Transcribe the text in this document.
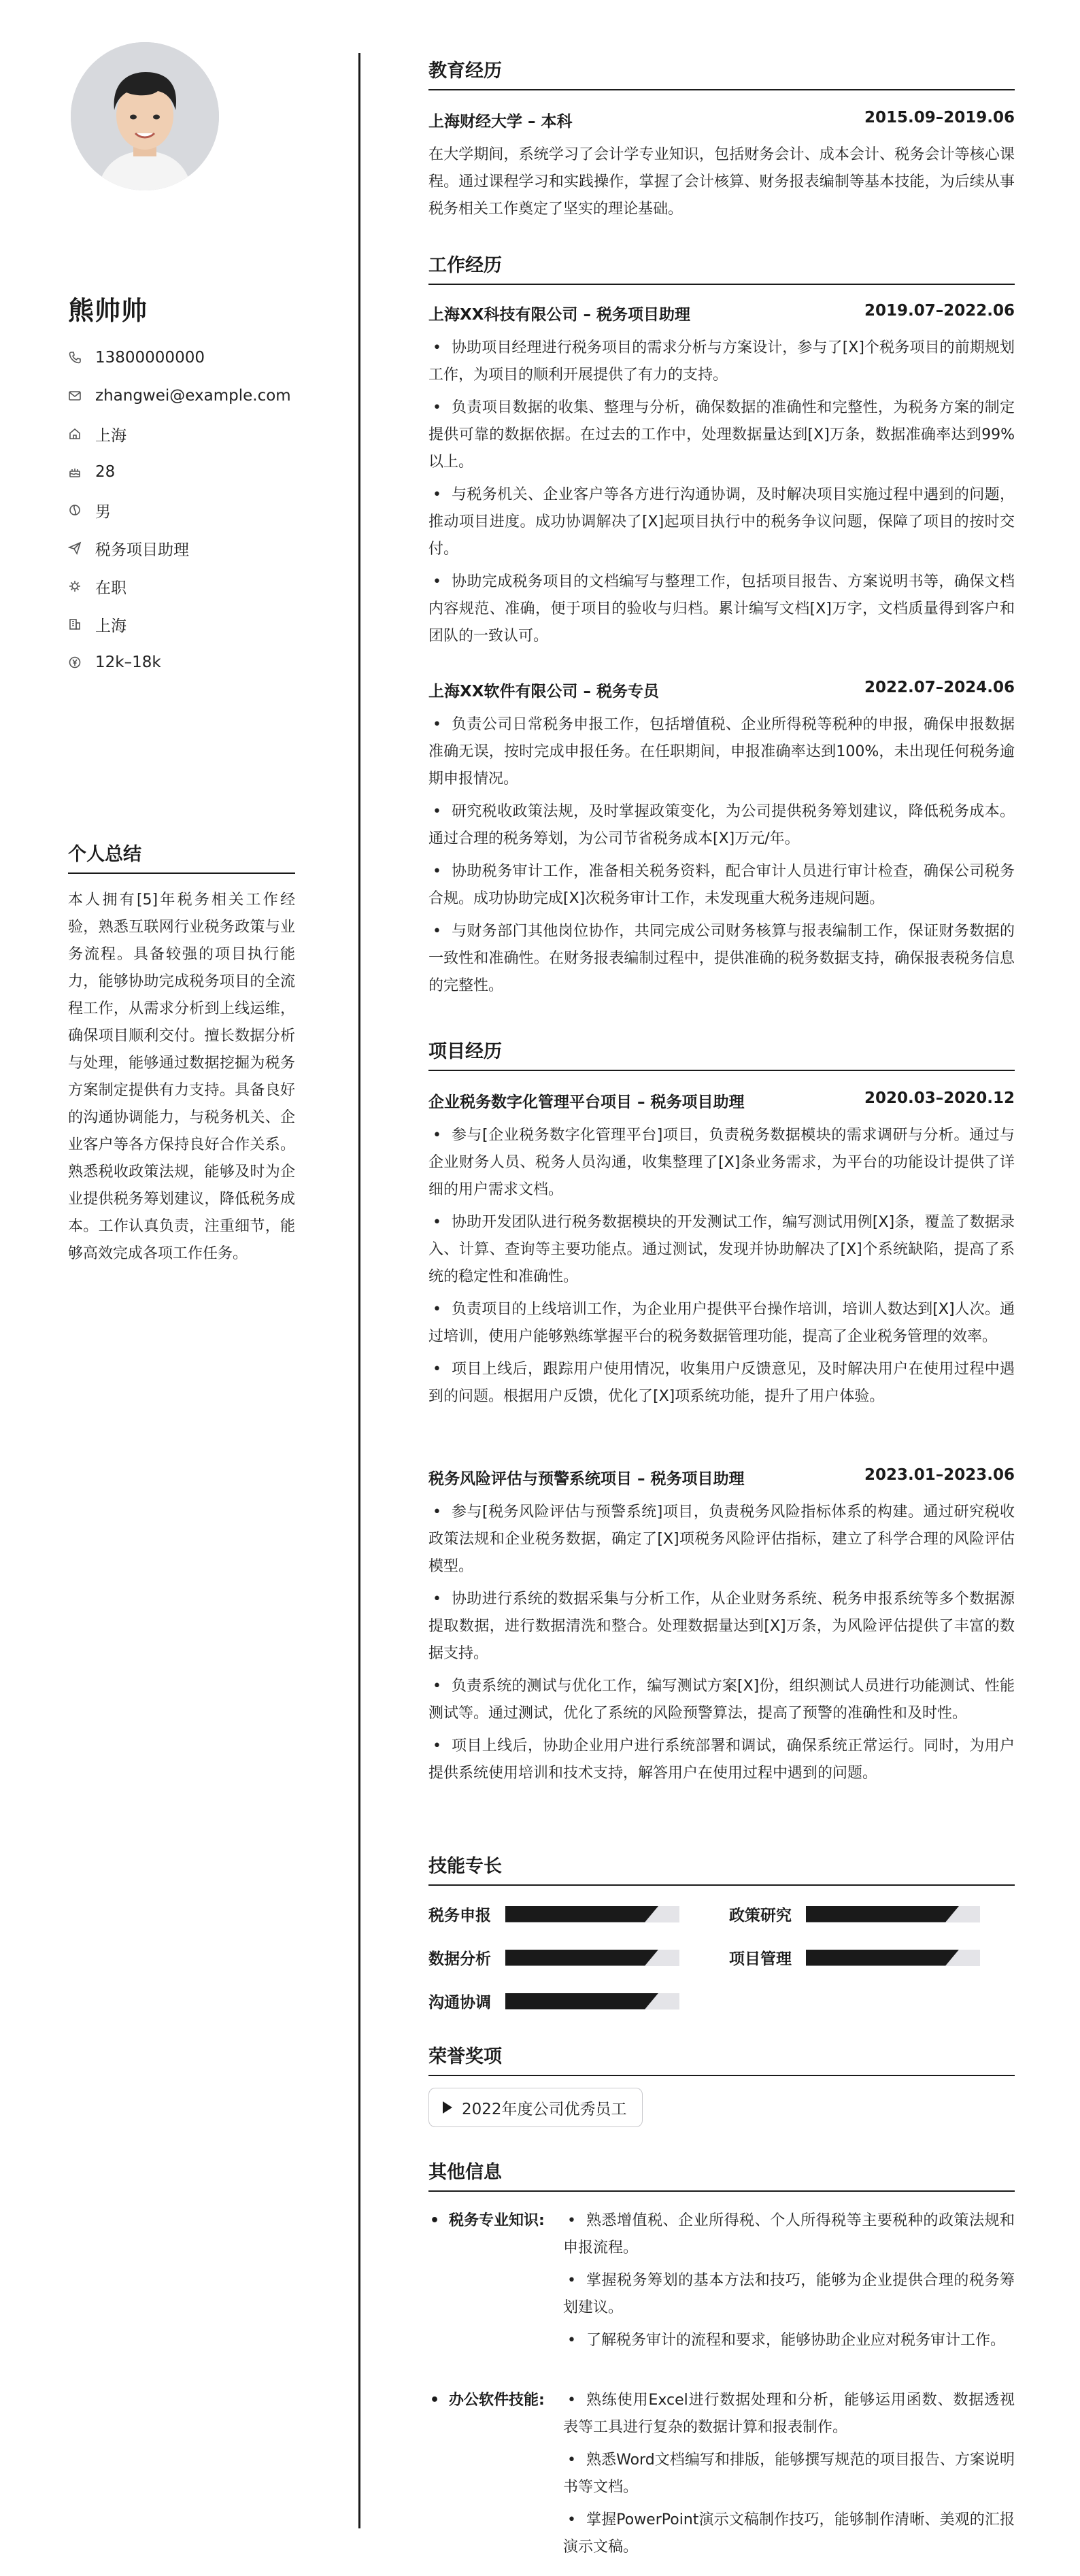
熊帅帅
13800000000
zhangwei@example.com
上海
28
男
税务项目助理
在职
上海
12k–18k
个人总结
本人拥有[5]年税务相关工作经验，熟悉互联网行业税务政策与业务流程。具备较强的项目执行能力，能够协助完成税务项目的全流程工作，从需求分析到上线运维，确保项目顺利交付。擅长数据分析与处理，能够通过数据挖掘为税务方案制定提供有力支持。具备良好的沟通协调能力，与税务机关、企业客户等各方保持良好合作关系。熟悉税收政策法规，能够及时为企业提供税务筹划建议，降低税务成本。工作认真负责，注重细节，能够高效完成各项工作任务。
教育经历
上海财经大学 – 本科	2015.09–2019.06
在大学期间，系统学习了会计学专业知识，包括财务会计、成本会计、税务会计等核心课程。通过课程学习和实践操作，掌握了会计核算、财务报表编制等基本技能，为后续从事税务相关工作奠定了坚实的理论基础。
工作经历
上海XX科技有限公司 – 税务项目助理	2019.07–2022.06
• 协助项目经理进行税务项目的需求分析与方案设计，参与了[X]个税务项目的前期规划工作，为项目的顺利开展提供了有力的支持。
• 负责项目数据的收集、整理与分析，确保数据的准确性和完整性，为税务方案的制定提供可靠的数据依据。在过去的工作中，处理数据量达到[X]万条，数据准确率达到99%以上。
• 与税务机关、企业客户等各方进行沟通协调，及时解决项目实施过程中遇到的问题，推动项目进度。成功协调解决了[X]起项目执行中的税务争议问题，保障了项目的按时交付。
• 协助完成税务项目的文档编写与整理工作，包括项目报告、方案说明书等，确保文档内容规范、准确，便于项目的验收与归档。累计编写文档[X]万字，文档质量得到客户和团队的一致认可。
上海XX软件有限公司 – 税务专员	2022.07–2024.06
• 负责公司日常税务申报工作，包括增值税、企业所得税等税种的申报，确保申报数据准确无误，按时完成申报任务。在任职期间，申报准确率达到100%，未出现任何税务逾期申报情况。
• 研究税收政策法规，及时掌握政策变化，为公司提供税务筹划建议，降低税务成本。通过合理的税务筹划，为公司节省税务成本[X]万元/年。
• 协助税务审计工作，准备相关税务资料，配合审计人员进行审计检查，确保公司税务合规。成功协助完成[X]次税务审计工作，未发现重大税务违规问题。
• 与财务部门其他岗位协作，共同完成公司财务核算与报表编制工作，保证财务数据的一致性和准确性。在财务报表编制过程中，提供准确的税务数据支持，确保报表税务信息的完整性。
项目经历
企业税务数字化管理平台项目 – 税务项目助理	2020.03–2020.12
• 参与[企业税务数字化管理平台]项目，负责税务数据模块的需求调研与分析。通过与企业财务人员、税务人员沟通，收集整理了[X]条业务需求，为平台的功能设计提供了详细的用户需求文档。
• 协助开发团队进行税务数据模块的开发测试工作，编写测试用例[X]条，覆盖了数据录入、计算、查询等主要功能点。通过测试，发现并协助解决了[X]个系统缺陷，提高了系统的稳定性和准确性。
• 负责项目的上线培训工作，为企业用户提供平台操作培训，培训人数达到[X]人次。通过培训，使用户能够熟练掌握平台的税务数据管理功能，提高了企业税务管理的效率。
• 项目上线后，跟踪用户使用情况，收集用户反馈意见，及时解决用户在使用过程中遇到的问题。根据用户反馈，优化了[X]项系统功能，提升了用户体验。
税务风险评估与预警系统项目 – 税务项目助理	2023.01–2023.06
• 参与[税务风险评估与预警系统]项目，负责税务风险指标体系的构建。通过研究税收政策法规和企业税务数据，确定了[X]项税务风险评估指标，建立了科学合理的风险评估模型。
• 协助进行系统的数据采集与分析工作，从企业财务系统、税务申报系统等多个数据源提取数据，进行数据清洗和整合。处理数据量达到[X]万条，为风险评估提供了丰富的数据支持。
• 负责系统的测试与优化工作，编写测试方案[X]份，组织测试人员进行功能测试、性能测试等。通过测试，优化了系统的风险预警算法，提高了预警的准确性和及时性。
• 项目上线后，协助企业用户进行系统部署和调试，确保系统正常运行。同时，为用户提供系统使用培训和技术支持，解答用户在使用过程中遇到的问题。
技能专长
税务申报	政策研究
数据分析	项目管理
沟通协调
荣誉奖项
2022年度公司优秀员工
其他信息
• 税务专业知识:	• 熟悉增值税、企业所得税、个人所得税等主要税种的政策法规和申报流程。
• 掌握税务筹划的基本方法和技巧，能够为企业提供合理的税务筹划建议。
• 了解税务审计的流程和要求，能够协助企业应对税务审计工作。
• 办公软件技能:	• 熟练使用Excel进行数据处理和分析，能够运用函数、数据透视表等工具进行复杂的数据计算和报表制作。
• 熟悉Word文档编写和排版，能够撰写规范的项目报告、方案说明书等文档。
• 掌握PowerPoint演示文稿制作技巧，能够制作清晰、美观的汇报演示文稿。
